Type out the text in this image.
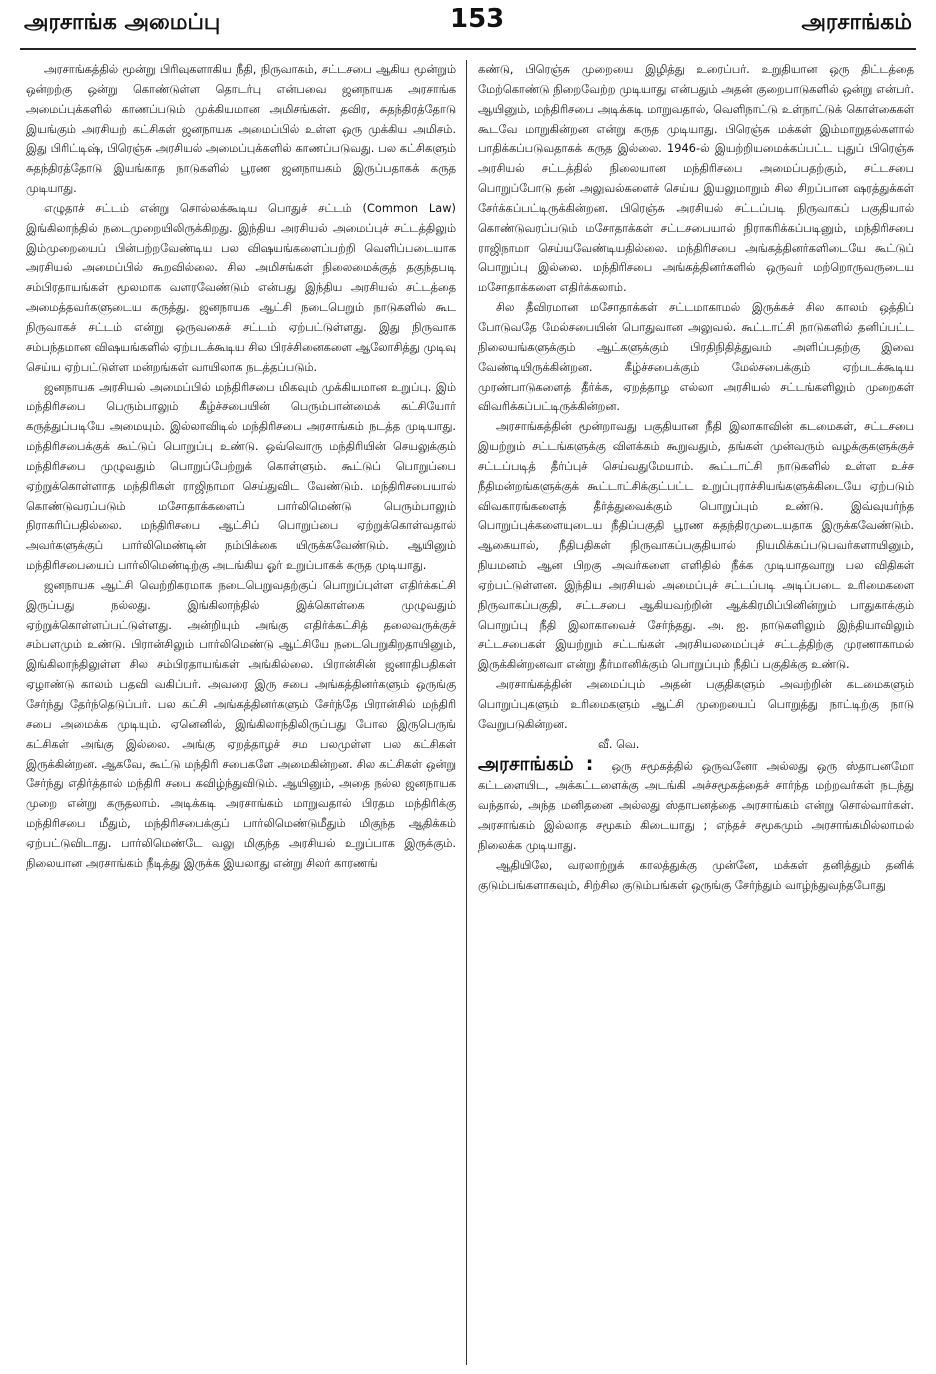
அரசாங்க அமைப்பு	153	அரசாங்கம்

அரசாங்கத்தில் மூன்று பிரிவுகளாகிய நீதி, நிருவாகம், சட்டசபை ஆகிய மூன்றும் ஒன்றற்கு ஒன்று கொண்டுள்ள தொடர்பு என்பவை ஜனநாயக அரசாங்க அமைப்புக்களில் காணப்படும் முக்கியமான அமிசங்கள். தவிர, சுதந்திரத்தோடு இயங்கும் அரசியற் கட்சிகள் ஜனநாயக அமைப்பில் உள்ள ஒரு முக்கிய அமிசம். இது பிரிட்டிஷ், பிரெஞ்சு அரசியல் அமைப்புக்களில் காணப்படுவது. பல கட்சிகளும் சுதந்திரத்தோடு இயங்காத நாடுகளில் பூரண ஜனநாயகம் இருப்பதாகக் கருத முடியாது.

எழுதாச் சட்டம் என்று சொல்லக்கூடிய பொதுச் சட்டம் (Common Law) இங்கிலாந்தில் நடைமுறையிலிருக்கிறது. இந்திய அரசியல் அமைப்புச் சட்டத்திலும் இம்முறையைப் பின்பற்றவேண்டிய பல விஷயங்களைப்பற்றி வெளிப்படையாக அரசியல் அமைப்பில் கூறவில்லை. சில அமிசங்கள் நிலைமைக்குத் தகுந்தபடி சம்பிரதாயங்கள் மூலமாக வளரவேண்டும் என்பது இந்திய அரசியல் சட்டத்தை அமைத்தவர்களுடைய கருத்து. ஜனநாயக ஆட்சி நடைபெறும் நாடுகளில் கூட நிருவாகச் சட்டம் என்று ஒருவகைச் சட்டம் ஏற்பட்டுள்ளது. இது நிருவாக சம்பந்தமான விஷயங்களில் ஏற்படக்கூடிய சில பிரச்சினைகளை ஆலோசித்து முடிவு செய்ய ஏற்பட்டுள்ள மன்றங்கள் வாயிலாக நடத்தப்படும்.

ஜனநாயக அரசியல் அமைப்பில் மந்திரிசபை மிகவும் முக்கியமான உறுப்பு. இம் மந்திரிசபை பெரும்பாலும் கீழ்ச்சபையின் பெரும்பான்மைக் கட்சியோர் கருத்துப்படியே அமையும். இல்லாவிடில் மந்திரிசபை அரசாங்கம் நடத்த முடியாது. மந்திரிசபைக்குக் கூட்டுப் பொறுப்பு உண்டு. ஒவ்வொரு மந்திரியின் செயலுக்கும் மந்திரிசபை முழுவதும் பொறுப்பேற்றுக் கொள்ளும். கூட்டுப் பொறுப்பை ஏற்றுக்கொள்ளாத மந்திரிகள் ராஜிநாமா செய்துவிட வேண்டும். மந்திரிசபையால் கொண்டுவரப்படும் மசோதாக்களைப் பார்லிமெண்டு பெரும்பாலும் நிராகரிப்பதில்லை. மந்திரிசபை ஆட்சிப் பொறுப்பை ஏற்றுக்கொள்வதால் அவர்களுக்குப் பார்லிமெண்டின் நம்பிக்கை யிருக்கவேண்டும். ஆயினும் மந்திரிசபையைப் பார்லிமெண்டிற்கு அடங்கிய ஓர் உறுப்பாகக் கருத முடியாது.

ஜனநாயக ஆட்சி வெற்றிகரமாக நடைபெறுவதற்குப் பொறுப்புள்ள எதிர்க்கட்சி இருப்பது நல்லது. இங்கிலாந்தில் இக்கொள்கை முழுவதும் ஏற்றுக்கொள்ளப்பட்டுள்ளது. அன்றியும் அங்கு எதிர்க்கட்சித் தலைவருக்குச் சம்பளமும் உண்டு. பிரான்சிலும் பார்லிமெண்டு ஆட்சியே நடைபெறுகிறதாயினும், இங்கிலாந்திலுள்ள சில சம்பிரதாயங்கள் அங்கில்லை. பிரான்சின் ஜனாதிபதிகள் ஏழாண்டு காலம் பதவி வகிப்பர். அவரை இரு சபை அங்கத்தினர்களும் ஒருங்கு சேர்ந்து தேர்ந்தெடுப்பர். பல கட்சி அங்கத்தினர்களும் சேர்ந்தே பிரான்சில் மந்திரி சபை அமைக்க முடியும். ஏனெனில், இங்கிலாந்திலிருப்பது போல இருபெருங் கட்சிகள் அங்கு இல்லை. அங்கு ஏறத்தாழச் சம பலமுள்ள பல கட்சிகள் இருக்கின்றன. ஆகவே, கூட்டு மந்திரி சபைகளே அமைகின்றன. சில கட்சிகள் ஒன்று சேர்ந்து எதிர்த்தால் மந்திரி சபை கவிழ்ந்துவிடும். ஆயினும், அதை நல்ல ஜனநாயக முறை என்று கருதலாம். அடிக்கடி அரசாங்கம் மாறுவதால் பிரதம மந்திரிக்கு மந்திரிசபை மீதும், மந்திரிசபைக்குப் பார்லிமெண்டுமீதும் மிகுந்த ஆதிக்கம் ஏற்பட்டுவிடாது. பார்லிமெண்டே வலு மிகுந்த அரசியல் உறுப்பாக இருக்கும். நிலையான அரசாங்கம் நீடித்து இருக்க இயலாது என்று சிலர் காரணங்

கண்டு, பிரெஞ்சு முறையை இழித்து உரைப்பர். உறுதியான ஒரு திட்டத்தை மேற்கொண்டு நிறைவேற்ற முடியாது என்பதும் அதன் குறைபாடுகளில் ஒன்று என்பர். ஆயினும், மந்திரிசபை அடிக்கடி மாறுவதால், வெளிநாட்டு உள்நாட்டுக் கொள்கைகள் கூடவே மாறுகின்றன என்று கருத முடியாது. பிரெஞ்சு மக்கள் இம்மாறுதல்களால் பாதிக்கப்படுவதாகக் கருத இல்லை. 1946-ல் இயற்றியமைக்கப்பட்ட புதுப் பிரெஞ்சு அரசியல் சட்டத்தில் நிலையான மந்திரிசபை அமைப்பதற்கும், சட்டசபை பொறுப்போடு தன் அலுவல்களைச் செய்ய இயலுமாறும் சில சிறப்பான ஷரத்துக்கள் சேர்க்கப்பட்டிருக்கின்றன. பிரெஞ்சு அரசியல் சட்டப்படி நிருவாகப் பகுதியால் கொண்டுவரப்படும் மசோதாக்கள் சட்டசபையால் நிராகரிக்கப்படினும், மந்திரிசபை ராஜிநாமா செய்யவேண்டியதில்லை. மந்திரிசபை அங்கத்தினர்களிடையே கூட்டுப் பொறுப்பு இல்லை. மந்திரிசபை அங்கத்தினர்களில் ஒருவர் மற்றொருவருடைய மசோதாக்களை எதிர்க்கலாம்.

சில தீவிரமான மசோதாக்கள் சட்டமாகாமல் இருக்கச் சில காலம் ஒத்திப் போடுவதே மேல்சபையின் பொதுவான அலுவல். கூட்டாட்சி நாடுகளில் தனிப்பட்ட நிலையங்களுக்கும் ஆட்களுக்கும் பிரதிநிதித்துவம் அளிப்பதற்கு இவை வேண்டியிருக்கின்றன. கீழ்ச்சபைக்கும் மேல்சபைக்கும் ஏற்படக்கூடிய முரண்பாடுகளைத் தீர்க்க, ஏறத்தாழ எல்லா அரசியல் சட்டங்களிலும் முறைகள் விவரிக்கப்பட்டிருக்கின்றன.

அரசாங்கத்தின் மூன்றாவது பகுதியான நீதி இலாகாவின் கடமைகள், சட்டசபை இயற்றும் சட்டங்களுக்கு விளக்கம் கூறுவதும், தங்கள் முன்வரும் வழக்குகளுக்குச் சட்டப்படித் தீர்ப்புச் செய்வதுமேயாம். கூட்டாட்சி நாடுகளில் உள்ள உச்ச நீதிமன்றங்களுக்குக் கூட்டாட்சிக்குட்பட்ட உறுப்புராச்சியங்களுக்கிடையே ஏற்படும் விவகாரங்களைத் தீர்த்துவைக்கும் பொறுப்பும் உண்டு. இவ்வுயர்ந்த பொறுப்புக்களையுடைய நீதிப்பகுதி பூரண சுதந்திரமுடையதாக இருக்கவேண்டும். ஆகையால், நீதிபதிகள் நிருவாகப்பகுதியால் நியமிக்கப்படுபவர்களாயினும், நியமனம் ஆன பிறகு அவர்களை எளிதில் நீக்க முடியாதவாறு பல விதிகள் ஏற்பட்டுள்ளன. இந்திய அரசியல் அமைப்புச் சட்டப்படி அடிப்படை உரிமைகளை நிருவாகப்பகுதி, சட்டசபை ஆகியவற்றின் ஆக்கிரமிப்பினின்றும் பாதுகாக்கும் பொறுப்பு நீதி இலாகாவைச் சேர்ந்தது. அ. ஐ. நாடுகளிலும் இந்தியாவிலும் சட்டசபைகள் இயற்றும் சட்டங்கள் அரசியலமைப்புச் சட்டத்திற்கு முரணாகாமல் இருக்கின்றனவா என்று தீர்மானிக்கும் பொறுப்பும் நீதிப் பகுதிக்கு உண்டு.

அரசாங்கத்தின் அமைப்பும் அதன் பகுதிகளும் அவற்றின் கடமைகளும் பொறுப்புகளும் உரிமைகளும் ஆட்சி முறையைப் பொறுத்து நாட்டிற்கு நாடு வேறுபடுகின்றன.

வீ. வெ.

அரசாங்கம் : ஒரு சமூகத்தில் ஒருவனோ அல்லது ஒரு ஸ்தாபனமோ கட்டளையிட, அக்கட்டளைக்கு அடங்கி அச்சமூகத்தைச் சார்ந்த மற்றவர்கள் நடந்து வந்தால், அந்த மனிதனை அல்லது ஸ்தாபனத்தை அரசாங்கம் என்று சொல்வார்கள். அரசாங்கம் இல்லாத சமூகம் கிடையாது ; எந்தச் சமூகமும் அரசாங்கமில்லாமல் நிலைக்க முடியாது.

ஆதியிலே, வரலாற்றுக் காலத்துக்கு முன்னே, மக்கள் தனித்தும் தனிக் குடும்பங்களாகவும், சிற்சில குடும்பங்கள் ஒருங்கு சேர்ந்தும் வாழ்ந்துவந்தபோது
